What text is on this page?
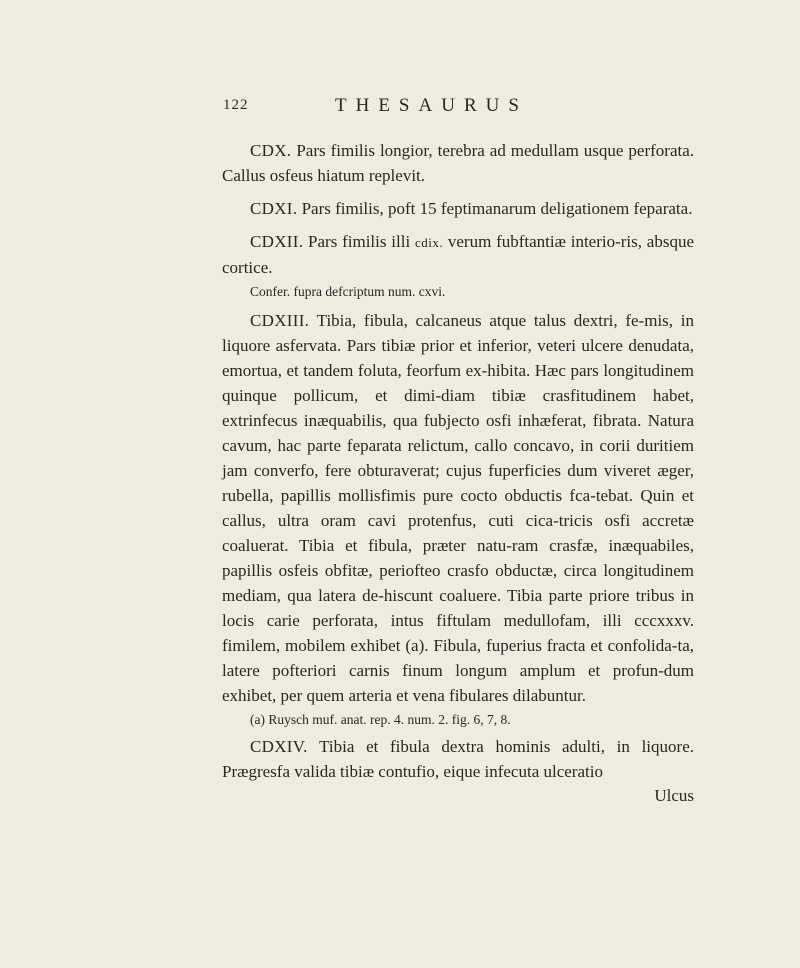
122	THESAURUS

CDX. Pars fimilis longior, terebra ad medullam usque perforata. Callus osfeus hiatum replevit.

CDXI. Pars fimilis, poft 15 feptimanarum deligationem feparata.

CDXII. Pars fimilis illi cdix. verum fubftantiæ interio-ris, absque cortice.

Confer. fupra defcriptum num. cxvi.

CDXIII. Tibia, fibula, calcaneus atque talus dextri, fe-mis, in liquore asfervata. Pars tibiæ prior et inferior, veteri ulcere denudata, emortua, et tandem foluta, feorfum ex-hibita. Hæc pars longitudinem quinque pollicum, et dimi-diam tibiæ crasfitudinem habet, extrinfecus inæquabilis, qua fubjecto osfi inhæferat, fibrata. Natura cavum, hac parte feparata relictum, callo concavo, in corii duritiem jam converfo, fere obturaverat; cujus fuperficies dum viveret æger, rubella, papillis mollisfimis pure cocto obductis fca-tebat. Quin et callus, ultra oram cavi protenfus, cuti cica-tricis osfi accretæ coaluerat. Tibia et fibula, præter natu-ram crasfæ, inæquabiles, papillis osfeis obfitæ, periofteo crasfo obductæ, circa longitudinem mediam, qua latera de-hiscunt coaluere. Tibia parte priore tribus in locis carie perforata, intus fiftulam medullofam, illi cccxxxv. fimilem, mobilem exhibet (a). Fibula, fuperius fracta et confolida-ta, latere pofteriori carnis finum longum amplum et profun-dum exhibet, per quem arteria et vena fibulares dilabuntur.

(a) Ruysch muf. anat. rep. 4. num. 2. fig. 6, 7, 8.

CDXIV. Tibia et fibula dextra hominis adulti, in liquore. Prægresfa valida tibiæ contufio, eique infecuta ulceratio

Ulcus
